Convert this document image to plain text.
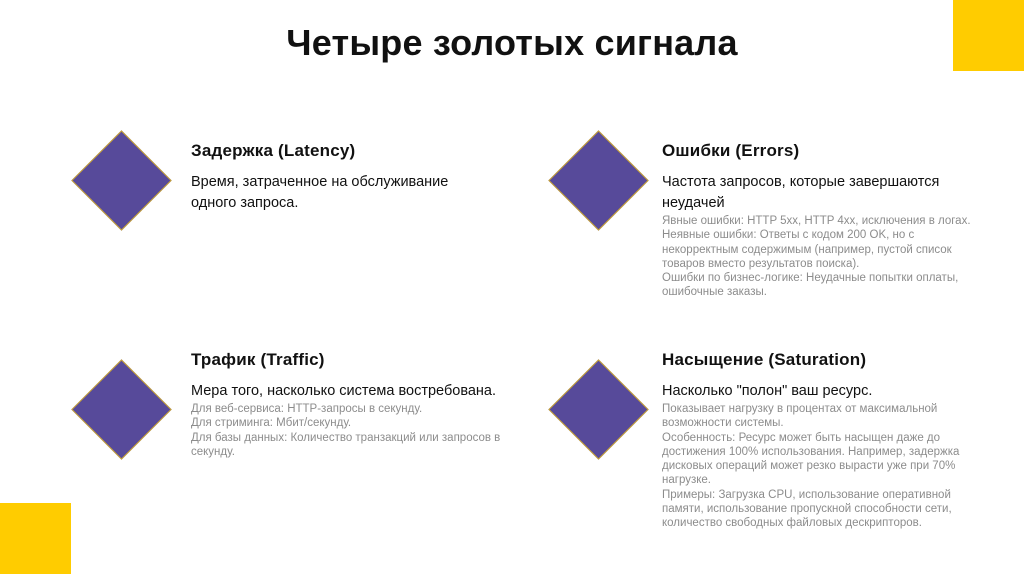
Четыре золотых сигнала

Задержка (Latency)

Время, затраченное на обслуживание одного запроса.

Ошибки (Errors)

Частота запросов, которые завершаются неудачей

Явные ошибки: HTTP 5xx, HTTP 4xx, исключения в логах.

Неявные ошибки: Ответы с кодом 200 OK, но с некорректным содержимым (например, пустой список товаров вместо результатов поиска).

Ошибки по бизнес-логике: Неудачные попытки оплаты, ошибочные заказы.

Трафик (Traffic)

Мера того, насколько система востребована.

Для веб-сервиса: HTTP-запросы в секунду.

Для стриминга: Мбит/секунду.

Для базы данных: Количество транзакций или запросов в секунду.

Насыщение (Saturation)

Насколько "полон" ваш ресурс.

Показывает нагрузку в процентах от максимальной возможности системы.

Особенность: Ресурс может быть насыщен даже до достижения 100% использования. Например, задержка дисковых операций может резко вырасти уже при 70% нагрузке.

Примеры: Загрузка CPU, использование оперативной памяти, использование пропускной способности сети, количество свободных файловых дескрипторов.
